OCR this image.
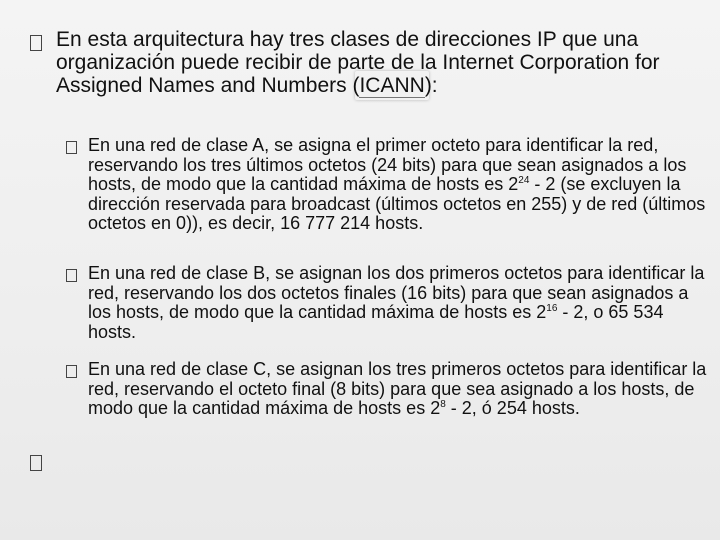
En esta arquitectura hay tres clases de direcciones IP que una organización puede recibir de parte de la Internet Corporation for Assigned Names and Numbers (ICANN):
En una red de clase A, se asigna el primer octeto para identificar la red, reservando los tres últimos octetos (24 bits) para que sean asignados a los hosts, de modo que la cantidad máxima de hosts es $2^{24} - 2$ (se excluyen la dirección reservada para broadcast (últimos octetos en 255) y de red (últimos octetos en 0)), es decir, 16 777 214 hosts.
En una red de clase B, se asignan los dos primeros octetos para identificar la red, reservando los dos octetos finales (16 bits) para que sean asignados a los hosts, de modo que la cantidad máxima de hosts es $2^{16} - 2$, o 65 534 hosts.
En una red de clase C, se asignan los tres primeros octetos para identificar la red, reservando el octeto final (8 bits) para que sea asignado a los hosts, de modo que la cantidad máxima de hosts es $2^8 - 2$, ó 254 hosts.
